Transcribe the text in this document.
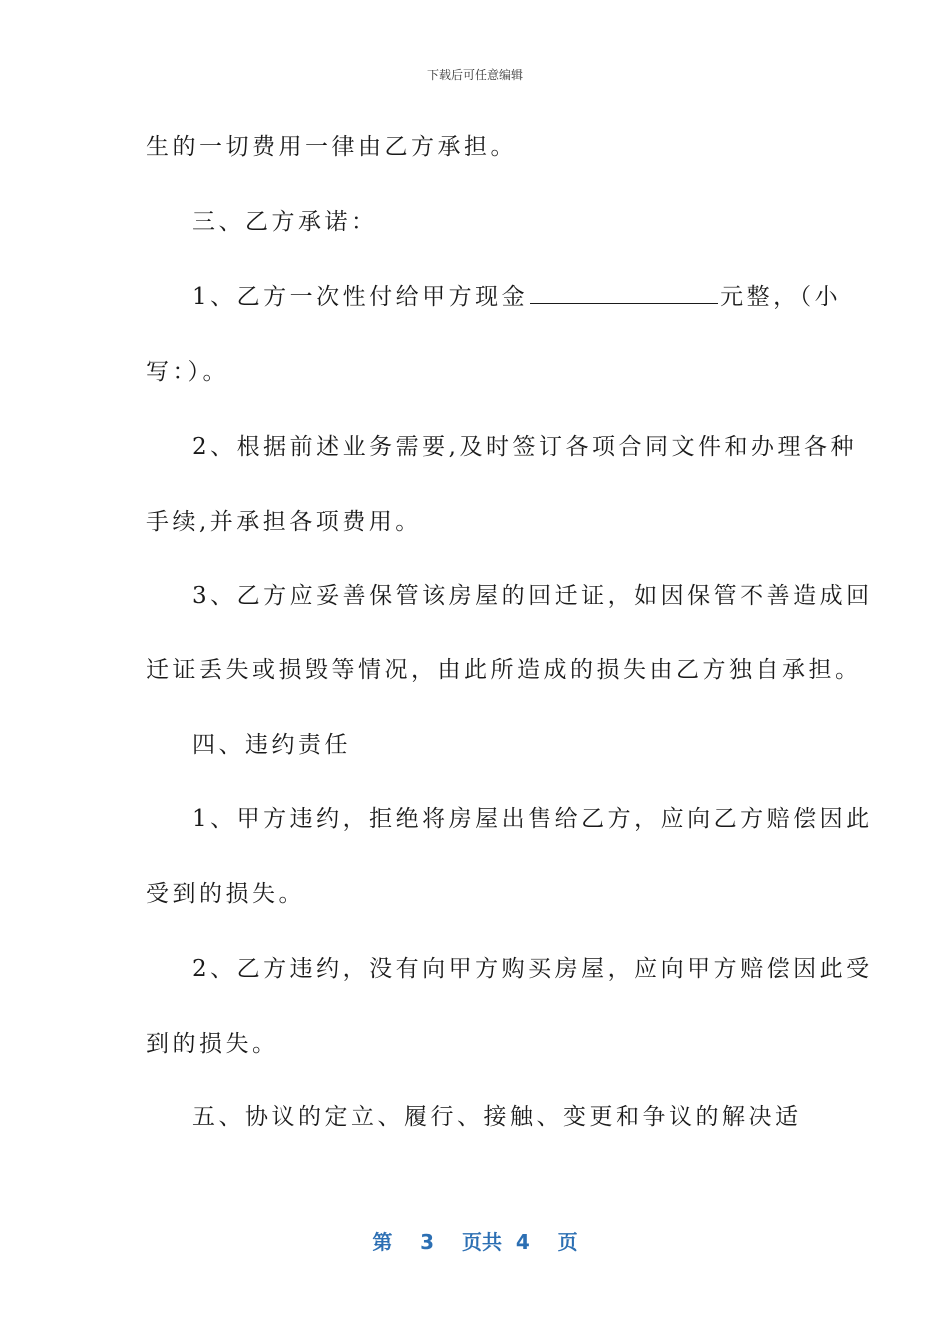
下载后可任意编辑
生的一切费用一律由乙方承担。
三、乙方承诺：
1、乙方一次性付给甲方现金	元整，（小
写：）。
2、根据前述业务需要,及时签订各项合同文件和办理各种
手续,并承担各项费用。
3、乙方应妥善保管该房屋的回迁证，如因保管不善造成回
迁证丢失或损毁等情况，由此所造成的损失由乙方独自承担。
四、违约责任
1、甲方违约，拒绝将房屋出售给乙方，应向乙方赔偿因此
受到的损失。
2、乙方违约，没有向甲方购买房屋，应向甲方赔偿因此受
到的损失。
五、协议的定立、履行、接触、变更和争议的解决适
第 3 页共 4 页
